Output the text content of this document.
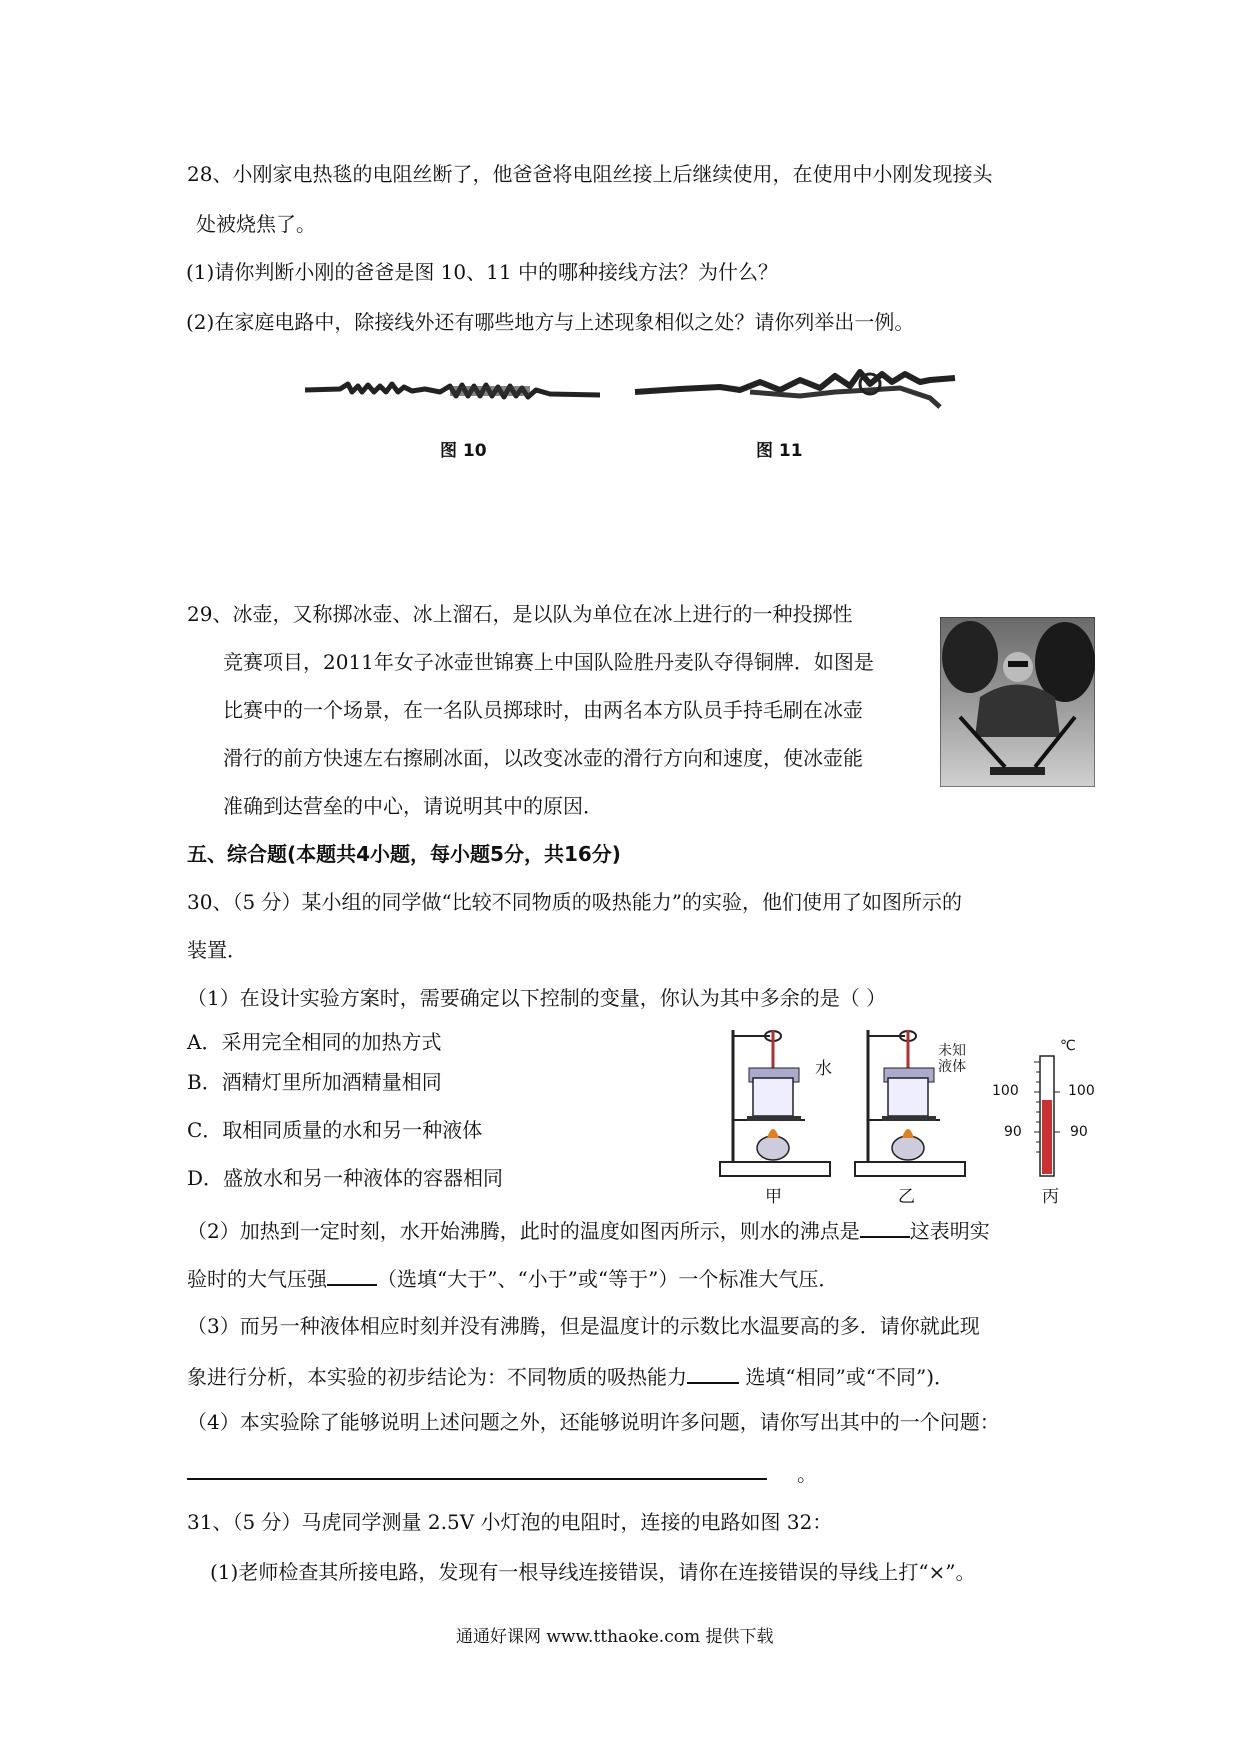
28、小刚家电热毯的电阻丝断了，他爸爸将电阻丝接上后继续使用，在使用中小刚发现接头
处被烧焦了。
(1)请你判断小刚的爸爸是图 10、11 中的哪种接线方法？为什么？
(2)在家庭电路中，除接线外还有哪些地方与上述现象相似之处？请你列举出一例。
图 10	图 11
29、冰壶，又称掷冰壶、冰上溜石，是以队为单位在冰上进行的一种投掷性
竞赛项目，2011年女子冰壶世锦赛上中国队险胜丹麦队夺得铜牌．如图是
比赛中的一个场景，在一名队员掷球时，由两名本方队员手持毛刷在冰壶
滑行的前方快速左右擦刷冰面，以改变冰壶的滑行方向和速度，使冰壶能
准确到达营垒的中心，请说明其中的原因．
五、综合题(本题共4小题，每小题5分，共16分)
30、（5 分）某小组的同学做“比较不同物质的吸热能力”的实验，他们使用了如图所示的
装置．
（1）在设计实验方案时，需要确定以下控制的变量，你认为其中多余的是（ ）
A．采用完全相同的加热方式
B．酒精灯里所加酒精量相同
C．取相同质量的水和另一种液体
D．盛放水和另一种液体的容器相同
水
未知
液体
℃
100	100
90	90
甲	乙	丙
（2）加热到一定时刻，水开始沸腾，此时的温度如图丙所示，则水的沸点是	这表明实
验时的大气压强	（选填“大于”、“小于”或“等于”）一个标准大气压．
（3）而另一种液体相应时刻并没有沸腾，但是温度计的示数比水温要高的多．请你就此现
象进行分析，本实验的初步结论为：不同物质的吸热能力	选填“相同”或“不同”)．
（4）本实验除了能够说明上述问题之外，还能够说明许多问题，请你写出其中的一个问题：
。
31、（5 分）马虎同学测量 2.5V 小灯泡的电阻时，连接的电路如图 32：
(1)老师检查其所接电路，发现有一根导线连接错误，请你在连接错误的导线上打“×”。
通通好课网 www.tthaoke.com 提供下载
